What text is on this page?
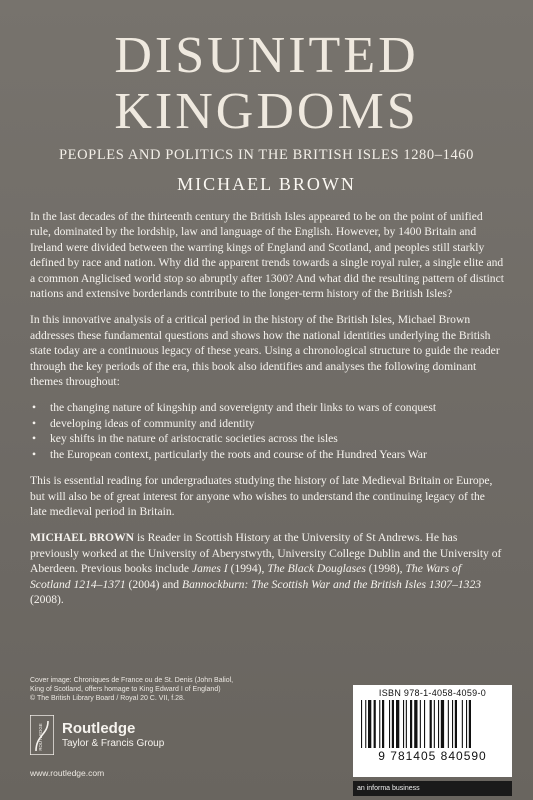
DISUNITED
KINGDOMS
PEOPLES AND POLITICS IN THE BRITISH ISLES 1280–1460
MICHAEL BROWN

In the last decades of the thirteenth century the British Isles appeared to be on the point of unified rule, dominated by the lordship, law and language of the English. However, by 1400 Britain and Ireland were divided between the warring kings of England and Scotland, and peoples still starkly defined by race and nation. Why did the apparent trends towards a single royal ruler, a single elite and a common Anglicised world stop so abruptly after 1300? And what did the resulting pattern of distinct nations and extensive borderlands contribute to the longer-term history of the British Isles?

In this innovative analysis of a critical period in the history of the British Isles, Michael Brown addresses these fundamental questions and shows how the national identities underlying the British state today are a continuous legacy of these years. Using a chronological structure to guide the reader through the key periods of the era, this book also identifies and analyses the following dominant themes throughout:

• the changing nature of kingship and sovereignty and their links to wars of conquest
• developing ideas of community and identity
• key shifts in the nature of aristocratic societies across the isles
• the European context, particularly the roots and course of the Hundred Years War

This is essential reading for undergraduates studying the history of late Medieval Britain or Europe, but will also be of great interest for anyone who wishes to understand the continuing legacy of the late medieval period in Britain.

MICHAEL BROWN is Reader in Scottish History at the University of St Andrews. He has previously worked at the University of Aberystwyth, University College Dublin and the University of Aberdeen. Previous books include James I (1994), The Black Douglases (1998), The Wars of Scotland 1214–1371 (2004) and Bannockburn: The Scottish War and the British Isles 1307–1323 (2008).

Cover image: Chroniques de France ou de St. Denis (John Baliol,
King of Scotland, offers homage to King Edward I of England)
© The British Library Board / Royal 20 C. VII, f.28.
ROUTLEDGE Routledge
Taylor & Francis Group
www.routledge.com
ISBN 978-1-4058-4059-0
9 781405 840590
an informa business
